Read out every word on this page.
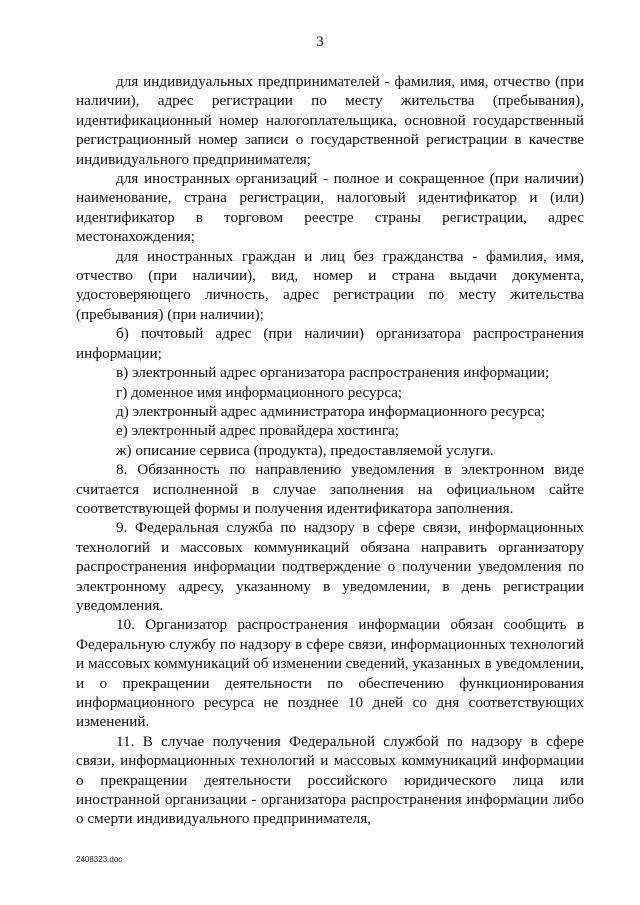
3

для индивидуальных предпринимателей - фамилия, имя, отчество (при наличии), адрес регистрации по месту жительства (пребывания), идентификационный номер налогоплательщика, основной государственный регистрационный номер записи о государственной регистрации в качестве индивидуального предпринимателя;

для иностранных организаций - полное и сокращенное (при наличии) наименование, страна регистрации, налоговый идентификатор и (или) идентификатор в торговом реестре страны регистрации, адрес местонахождения;

для иностранных граждан и лиц без гражданства - фамилия, имя, отчество (при наличии), вид, номер и страна выдачи документа, удостоверяющего личность, адрес регистрации по месту жительства (пребывания) (при наличии);

б) почтовый адрес (при наличии) организатора распространения информации;

в) электронный адрес организатора распространения информации;

г) доменное имя информационного ресурса;

д) электронный адрес администратора информационного ресурса;

е) электронный адрес провайдера хостинга;

ж) описание сервиса (продукта), предоставляемой услуги.

8. Обязанность по направлению уведомления в электронном виде считается исполненной в случае заполнения на официальном сайте соответствующей формы и получения идентификатора заполнения.

9. Федеральная служба по надзору в сфере связи, информационных технологий и массовых коммуникаций обязана направить организатору распространения информации подтверждение о получении уведомления по электронному адресу, указанному в уведомлении, в день регистрации уведомления.

10. Организатор распространения информации обязан сообщить в Федеральную службу по надзору в сфере связи, информационных технологий и массовых коммуникаций об изменении сведений, указанных в уведомлении, и о прекращении деятельности по обеспечению функционирования информационного ресурса не позднее 10 дней со дня соответствующих изменений.

11. В случае получения Федеральной службой по надзору в сфере связи, информационных технологий и массовых коммуникаций информации о прекращении деятельности российского юридического лица или иностранной организации - организатора распространения информации либо о смерти индивидуального предпринимателя,

2408323.doc
